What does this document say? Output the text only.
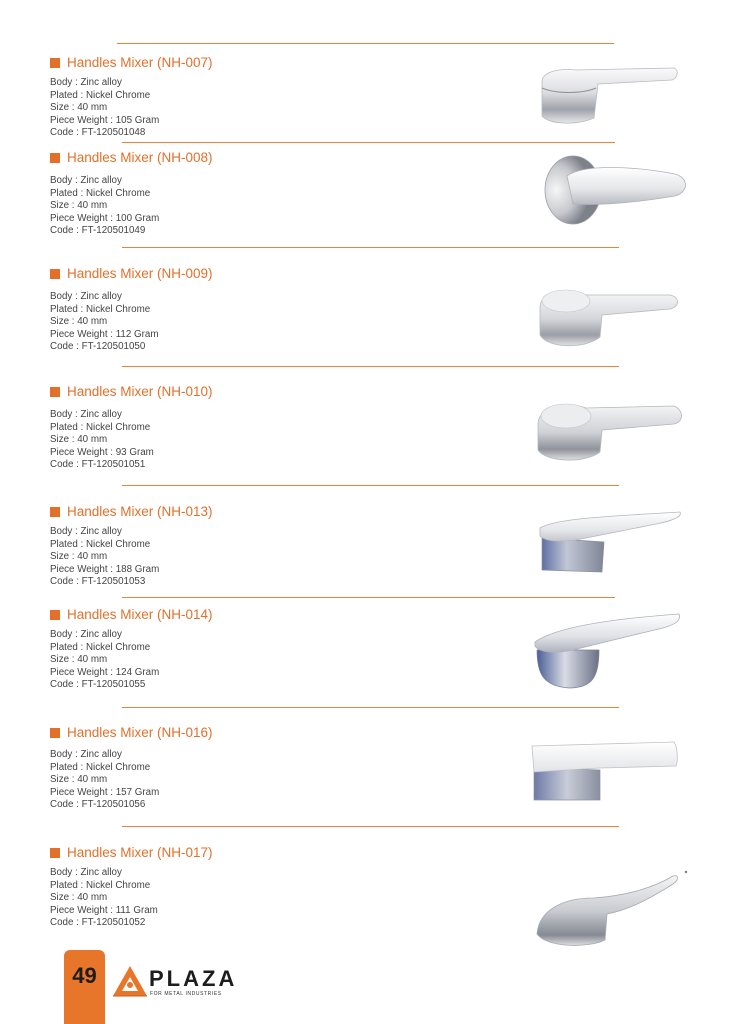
Handles Mixer (NH-007)
Body : Zinc alloy
Plated : Nickel Chrome
Size : 40 mm
Piece Weight : 105 Gram
Code : FT-120501048
Handles Mixer (NH-008)
Body : Zinc alloy
Plated : Nickel Chrome
Size : 40 mm
Piece Weight : 100 Gram
Code : FT-120501049
Handles Mixer (NH-009)
Body : Zinc alloy
Plated : Nickel Chrome
Size : 40 mm
Piece Weight : 112 Gram
Code : FT-120501050
Handles Mixer (NH-010)
Body : Zinc alloy
Plated : Nickel Chrome
Size : 40 mm
Piece Weight : 93 Gram
Code : FT-120501051
Handles Mixer (NH-013)
Body : Zinc alloy
Plated : Nickel Chrome
Size : 40 mm
Piece Weight : 188 Gram
Code : FT-120501053
Handles Mixer (NH-014)
Body : Zinc alloy
Plated : Nickel Chrome
Size : 40 mm
Piece Weight : 124 Gram
Code : FT-120501055
Handles Mixer (NH-016)
Body : Zinc alloy
Plated : Nickel Chrome
Size : 40 mm
Piece Weight : 157 Gram
Code : FT-120501056
Handles Mixer (NH-017)
Body : Zinc alloy
Plated : Nickel Chrome
Size : 40 mm
Piece Weight : 111 Gram
Code : FT-120501052
49	PLAZA
FOR METAL INDUSTRIES
